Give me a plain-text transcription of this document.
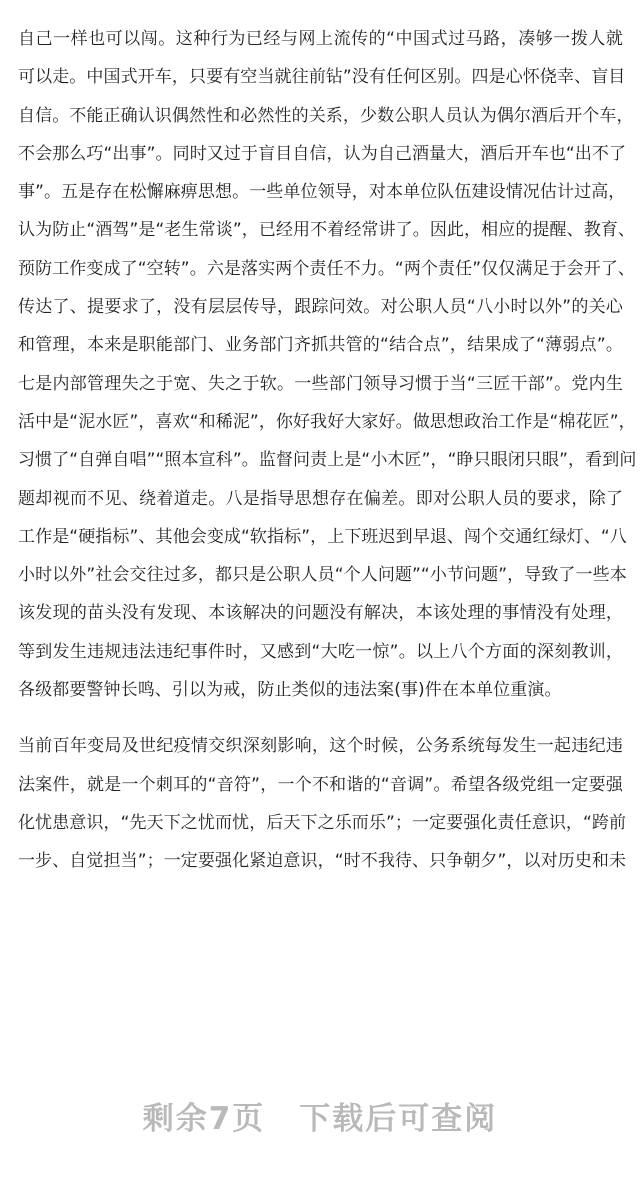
自己一样也可以闯。这种行为已经与网上流传的“中国式过马路，凑够一拨人就
可以走。中国式开车，只要有空当就往前钻”没有任何区别。四是心怀侥幸、盲目
自信。不能正确认识偶然性和必然性的关系，少数公职人员认为偶尔酒后开个车，
不会那么巧“出事”。同时又过于盲目自信，认为自己酒量大，酒后开车也“出不了
事”。五是存在松懈麻痹思想。一些单位领导，对本单位队伍建设情况估计过高，
认为防止“酒驾”是“老生常谈”，已经用不着经常讲了。因此，相应的提醒、教育、
预防工作变成了“空转”。六是落实两个责任不力。“两个责任”仅仅满足于会开了、
传达了、提要求了，没有层层传导，跟踪问效。对公职人员“八小时以外”的关心
和管理，本来是职能部门、业务部门齐抓共管的“结合点”，结果成了“薄弱点”。
七是内部管理失之于宽、失之于软。一些部门领导习惯于当“三匠干部”。党内生
活中是“泥水匠”，喜欢“和稀泥”，你好我好大家好。做思想政治工作是“棉花匠”，
习惯了“自弹自唱”“照本宣科”。监督问责上是“小木匠”，“睁只眼闭只眼”，看到问
题却视而不见、绕着道走。八是指导思想存在偏差。即对公职人员的要求，除了
工作是“硬指标”、其他会变成“软指标”，上下班迟到早退、闯个交通红绿灯、“八
小时以外”社会交往过多，都只是公职人员“个人问题”“小节问题”，导致了一些本
该发现的苗头没有发现、本该解决的问题没有解决，本该处理的事情没有处理，
等到发生违规违法违纪事件时，又感到“大吃一惊”。以上八个方面的深刻教训，
各级都要警钟长鸣、引以为戒，防止类似的违法案(事)件在本单位重演。

当前百年变局及世纪疫情交织深刻影响，这个时候，公务系统每发生一起违纪违
法案件，就是一个刺耳的“音符”，一个不和谐的“音调”。希望各级党组一定要强
化忧患意识，“先天下之忧而忧，后天下之乐而乐”；一定要强化责任意识，“跨前
一步、自觉担当”；一定要强化紧迫意识，“时不我待、只争朝夕”，以对历史和未

剩余7页 下载后可查阅
